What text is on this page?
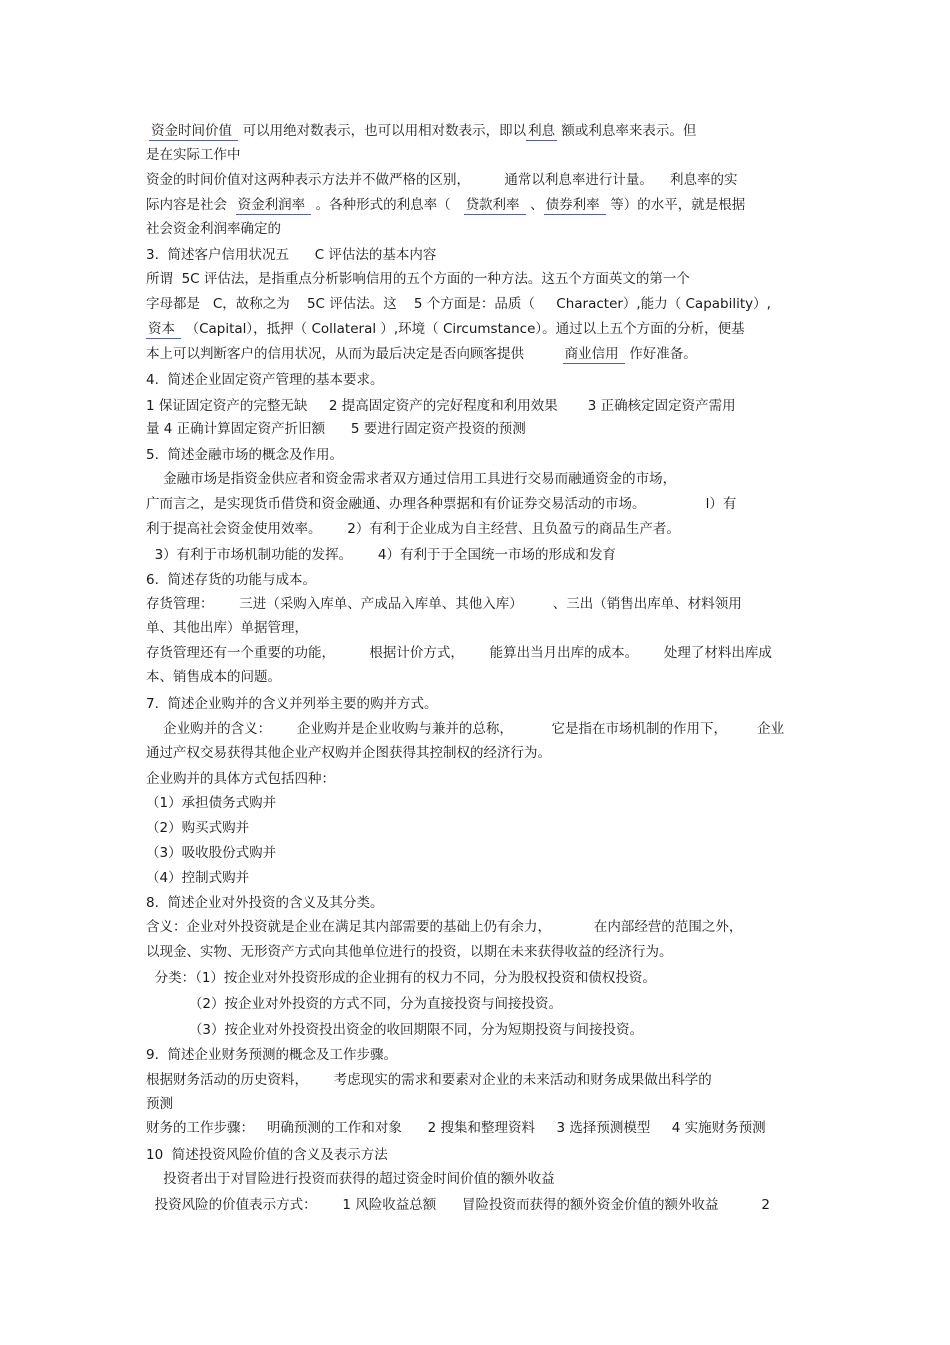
资金时间价值  可以用绝对数表示，也可以用相对数表示，即以 利息 额或利息率来表示。但
是在实际工作中
资金的时间价值对这两种表示方法并不做严格的区别，        通常以利息率进行计量。    利息率的实
际内容是社会  资金利润率  。各种形式的利息率（   贷款利率  、 债券利率  等）的水平，就是根据
社会资金利润率确定的
3.  简述客户信用状况五      C 评估法的基本内容
所谓  5C 评估法，是指重点分析影响信用的五个方面的一种方法。这五个方面英文的第一个
字母都是   C，故称之为    5C 评估法。这    5 个方面是：品质（     Character）,能力（ Capability）,
资本  （Capital），抵押（ Collateral ）,环境（ Circumstance）。通过以上五个方面的分析，便基
本上可以判断客户的信用状况，从而为最后决定是否向顾客提供         商业信用  作好准备。
4.  简述企业固定资产管理的基本要求。
1 保证固定资产的完整无缺     2 提高固定资产的完好程度和利用效果       3 正确核定固定资产需用
量 4 正确计算固定资产折旧额      5 要进行固定资产投资的预测
5.  简述金融市场的概念及作用。
金融市场是指资金供应者和资金需求者双方通过信用工具进行交易而融通资金的市场，
广而言之，是实现货币借贷和资金融通、办理各种票据和有价证券交易活动的市场。              l）有
利于提高社会资金使用效率。      2）有利于企业成为自主经营、且负盈亏的商品生产者。
3）有利于市场机制功能的发挥。      4）有利于于全国统一市场的形成和发育
6.  简述存货的功能与成本。
存货管理：      三进（采购入库单、产成品入库单、其他入库）       、三出（销售出库单、材料领用
单、其他出库）单据管理，
存货管理还有一个重要的功能，        根据计价方式，      能算出当月出库的成本。      处理了材料出库成
本、销售成本的问题。
7.  简述企业购并的含义并列举主要的购并方式。
企业购并的含义：      企业购并是企业收购与兼并的总称，         它是指在市场机制的作用下，       企业
通过产权交易获得其他企业产权购并企图获得其控制权的经济行为。
企业购并的具体方式包括四种：
（1）承担债务式购并
（2）购买式购并
（3）吸收股份式购并
（4）控制式购并
8.  简述企业对外投资的含义及其分类。
含义：企业对外投资就是企业在满足其内部需要的基础上仍有余力，          在内部经营的范围之外，
以现金、实物、无形资产方式向其他单位进行的投资，以期在未来获得收益的经济行为。
分类：（1）按企业对外投资形成的企业拥有的权力不同，分为股权投资和债权投资。
（2）按企业对外投资的方式不同，分为直接投资与间接投资。
（3）按企业对外投资投出资金的收回期限不同，分为短期投资与间接投资。
9.  简述企业财务预测的概念及工作步骤。
根据财务活动的历史资料，      考虑现实的需求和要素对企业的未来活动和财务成果做出科学的
预测
财务的工作步骤：   明确预测的工作和对象      2 搜集和整理资料     3 选择预测模型     4 实施财务预测
10  简述投资风险价值的含义及表示方法
投资者出于对冒险进行投资而获得的超过资金时间价值的额外收益
投资风险的价值表示方式：      1 风险收益总额      冒险投资而获得的额外资金价值的额外收益          2
